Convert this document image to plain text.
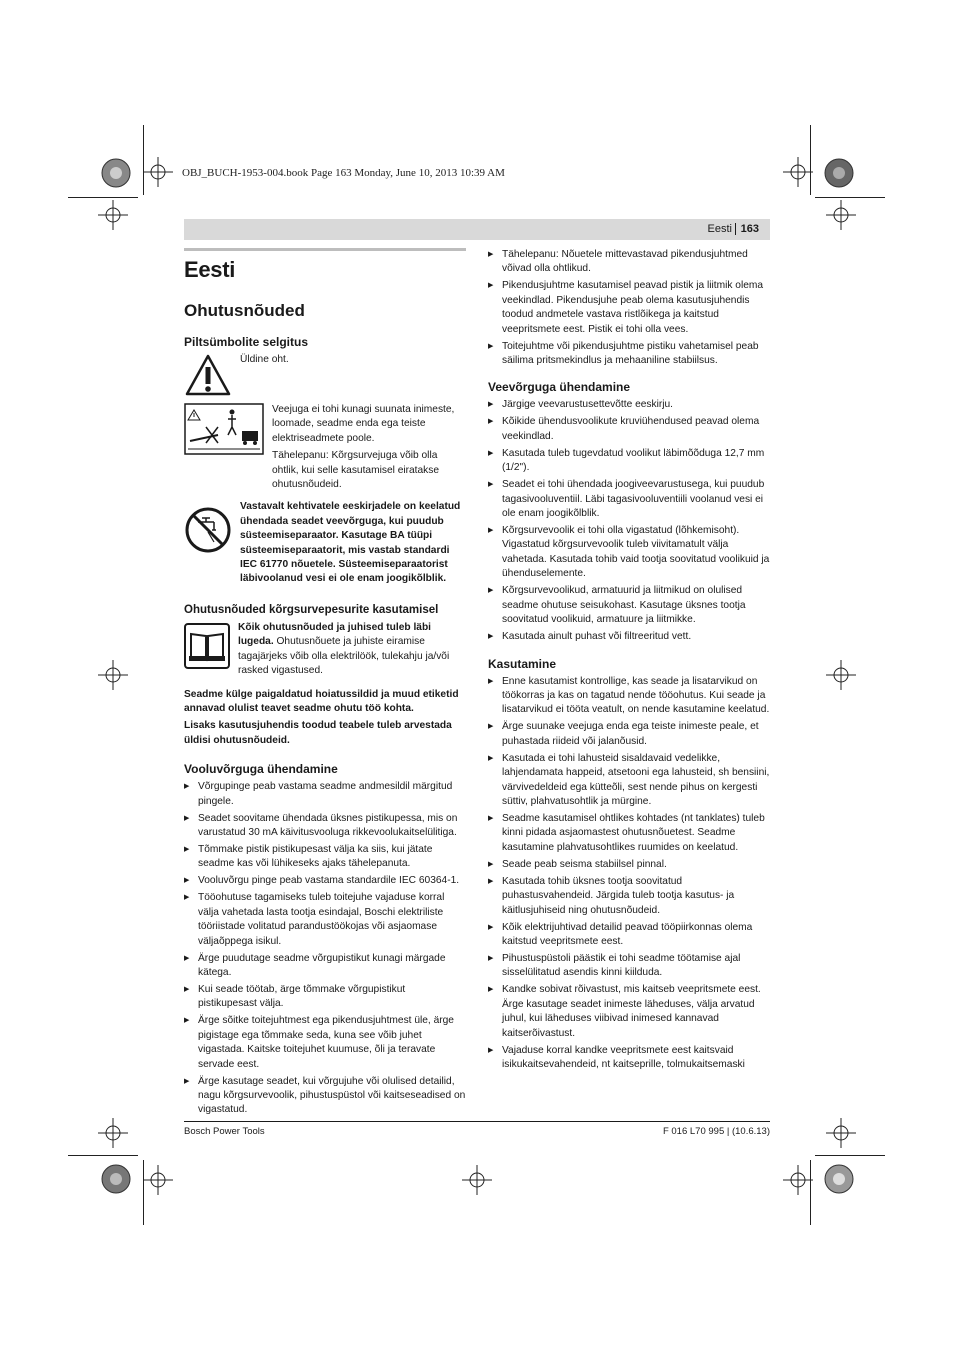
OBJ_BUCH-1953-004.book Page 163 Monday, June 10, 2013 10:39 AM
Eesti 163
Eesti
Ohutusnõuded
Piltsümbolite selgitus
Üldine oht.
Veejuga ei tohi kunagi suunata inimeste, loomade, seadme enda ega teiste elektriseadmete poole.
Tähelepanu: Kõrgsurvejuga võib olla ohtlik, kui selle kasutamisel eiratakse ohutusnõudeid.
Vastavalt kehtivatele eeskirjadele on keelatud ühendada seadet veevõrguga, kui puudub süsteemiseparaator. Kasutage BA tüüpi süsteemiseparaatorit, mis vastab standardi IEC 61770 nõuetele. Süsteemiseparaatorist läbivoolanud vesi ei ole enam joogikõlblik.
Ohutusnõuded kõrgsurvepesurite kasutamisel
Kõik ohutusnõuded ja juhised tuleb läbi lugeda. Ohutusnõuete ja juhiste eiramise tagajärjeks võib olla elektrilöök, tulekahju ja/või rasked vigastused.
Seadme külge paigaldatud hoiatussildid ja muud etiketid annavad olulist teavet seadme ohutu töö kohta.
Lisaks kasutusjuhendis toodud teabele tuleb arvestada üldisi ohutusnõudeid.
Vooluvõrguga ühendamine
▶ Võrgupinge peab vastama seadme andmesildil märgitud pingele.
▶ Seadet soovitame ühendada üksnes pistikupessa, mis on varustatud 30 mA käivitusvooluga rikkevoolukaitselülitiga.
▶ Tõmmake pistik pistikupesast välja ka siis, kui jätate seadme kas või lühikeseks ajaks tähelepanuta.
▶ Vooluvõrgu pinge peab vastama standardile IEC 60364-1.
▶ Tööohutuse tagamiseks tuleb toitejuhe vajaduse korral välja vahetada lasta tootja esindajal, Boschi elektriliste tööriistade volitatud parandustöökojas või asjaomase väljaõppega isikul.
▶ Ärge puudutage seadme võrgupistikut kunagi märgade kätega.
▶ Kui seade töötab, ärge tõmmake võrgupistikut pistikupesast välja.
▶ Ärge sõitke toitejuhtmest ega pikendusjuhtmest üle, ärge pigistage ega tõmmake seda, kuna see võib juhet vigastada. Kaitske toitejuhet kuumuse, õli ja teravate servade eest.
▶ Ärge kasutage seadet, kui võrgujuhe või olulised detailid, nagu kõrgsurvevoolik, pihustuspüstol või kaitseseadised on vigastatud.
▶ Tähelepanu: Nõuetele mittevastavad pikendusjuhtmed võivad olla ohtlikud.
▶ Pikendusjuhtme kasutamisel peavad pistik ja liitmik olema veekindlad. Pikendusjuhe peab olema kasutusjuhendis toodud andmetele vastava ristlõikega ja kaitstud veepritsmete eest. Pistik ei tohi olla vees.
▶ Toitejuhtme või pikendusjuhtme pistiku vahetamisel peab säilima pritsmekindlus ja mehaaniline stabiilsus.
Veevõrguga ühendamine
▶ Järgige veevarustusettevõtte eeskirju.
▶ Kõikide ühendusvoolikute kruviühendused peavad olema veekindlad.
▶ Kasutada tuleb tugevdatud voolikut läbimõõduga 12,7 mm (1/2").
▶ Seadet ei tohi ühendada joogiveevarustusega, kui puudub tagasivooluventiil. Läbi tagasivooluventiili voolanud vesi ei ole enam joogikõlblik.
▶ Kõrgsurvevoolik ei tohi olla vigastatud (lõhkemisoht). Vigastatud kõrgsurvevoolik tuleb viivitamatult välja vahetada. Kasutada tohib vaid tootja soovitatud voolikuid ja ühenduselemente.
▶ Kõrgsurvevoolikud, armatuurid ja liitmikud on olulised seadme ohutuse seisukohast. Kasutage üksnes tootja soovitatud voolikuid, armatuure ja liitmikke.
▶ Kasutada ainult puhast või filtreeritud vett.
Kasutamine
▶ Enne kasutamist kontrollige, kas seade ja lisatarvikud on töökorras ja kas on tagatud nende tööohutus. Kui seade ja lisatarvikud ei tööta veatult, on nende kasutamine keelatud.
▶ Ärge suunake veejuga enda ega teiste inimeste peale, et puhastada riideid või jalanõusid.
▶ Kasutada ei tohi lahusteid sisaldavaid vedelikke, lahjendamata happeid, atsetooni ega lahusteid, sh bensiini, värvivedeldeid ega kütteõli, sest nende pihus on kergesti süttiv, plahvatusohtlik ja mürgine.
▶ Seadme kasutamisel ohtlikes kohtades (nt tanklates) tuleb kinni pidada asjaomastest ohutusnõuetest. Seadme kasutamine plahvatusohtlikes ruumides on keelatud.
▶ Seade peab seisma stabiilsel pinnal.
▶ Kasutada tohib üksnes tootja soovitatud puhastusvahendeid. Järgida tuleb tootja kasutus- ja käitlusjuhiseid ning ohutusnõudeid.
▶ Kõik elektrijuhtivad detailid peavad tööpiirkonnas olema kaitstud veepritsmete eest.
▶ Pihustuspüstoli päästik ei tohi seadme töötamise ajal sisselülitatud asendis kinni kiilduda.
▶ Kandke sobivat rõivastust, mis kaitseb veepritsmete eest. Ärge kasutage seadet inimeste läheduses, välja arvatud juhul, kui läheduses viibivad inimesed kannavad kaitserõivastust.
▶ Vajaduse korral kandke veepritsmete eest kaitsvaid isikukaitsevahendeid, nt kaitseprille, tolmukaitsemaski
Bosch Power Tools	F 016 L70 995 | (10.6.13)
